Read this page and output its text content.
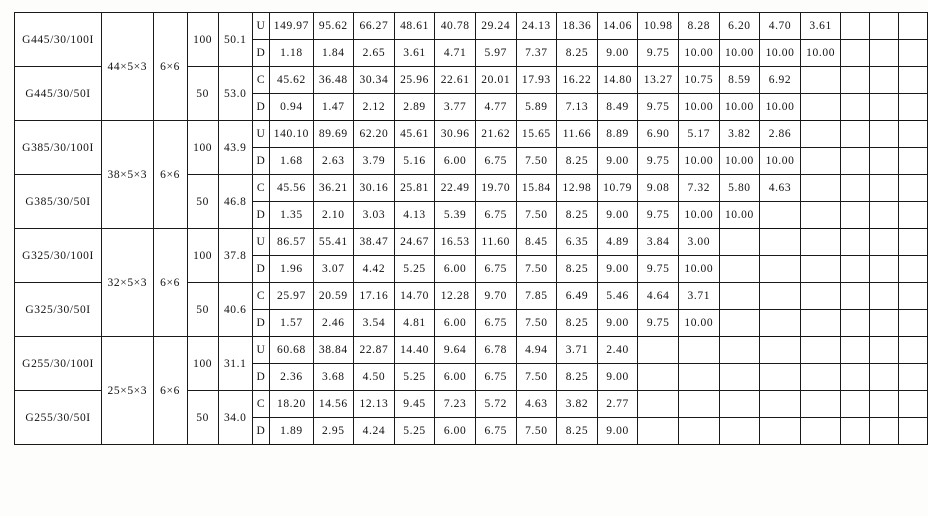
G445/30/100I	44×5×3	6×6	100	50.1	U	149.97	95.62	66.27	48.61	40.78	29.24	24.13	18.36	14.06	10.98	8.28	6.20	4.70	3.61			
					D	1.18	1.84	2.65	3.61	4.71	5.97	7.37	8.25	9.00	9.75	10.00	10.00	10.00	10.00			
G445/30/50I			50	53.0	C	45.62	36.48	30.34	25.96	22.61	20.01	17.93	16.22	14.80	13.27	10.75	8.59	6.92				
					D	0.94	1.47	2.12	2.89	3.77	4.77	5.89	7.13	8.49	9.75	10.00	10.00	10.00				
G385/30/100I	38×5×3	6×6	100	43.9	U	140.10	89.69	62.20	45.61	30.96	21.62	15.65	11.66	8.89	6.90	5.17	3.82	2.86				
					D	1.68	2.63	3.79	5.16	6.00	6.75	7.50	8.25	9.00	9.75	10.00	10.00	10.00				
G385/30/50I			50	46.8	C	45.56	36.21	30.16	25.81	22.49	19.70	15.84	12.98	10.79	9.08	7.32	5.80	4.63				
					D	1.35	2.10	3.03	4.13	5.39	6.75	7.50	8.25	9.00	9.75	10.00	10.00					
G325/30/100I	32×5×3	6×6	100	37.8	U	86.57	55.41	38.47	24.67	16.53	11.60	8.45	6.35	4.89	3.84	3.00						
					D	1.96	3.07	4.42	5.25	6.00	6.75	7.50	8.25	9.00	9.75	10.00						
G325/30/50I			50	40.6	C	25.97	20.59	17.16	14.70	12.28	9.70	7.85	6.49	5.46	4.64	3.71						
					D	1.57	2.46	3.54	4.81	6.00	6.75	7.50	8.25	9.00	9.75	10.00						
G255/30/100I	25×5×3	6×6	100	31.1	U	60.68	38.84	22.87	14.40	9.64	6.78	4.94	3.71	2.40								
					D	2.36	3.68	4.50	5.25	6.00	6.75	7.50	8.25	9.00								
G255/30/50I			50	34.0	C	18.20	14.56	12.13	9.45	7.23	5.72	4.63	3.82	2.77								
					D	1.89	2.95	4.24	5.25	6.00	6.75	7.50	8.25	9.00								
